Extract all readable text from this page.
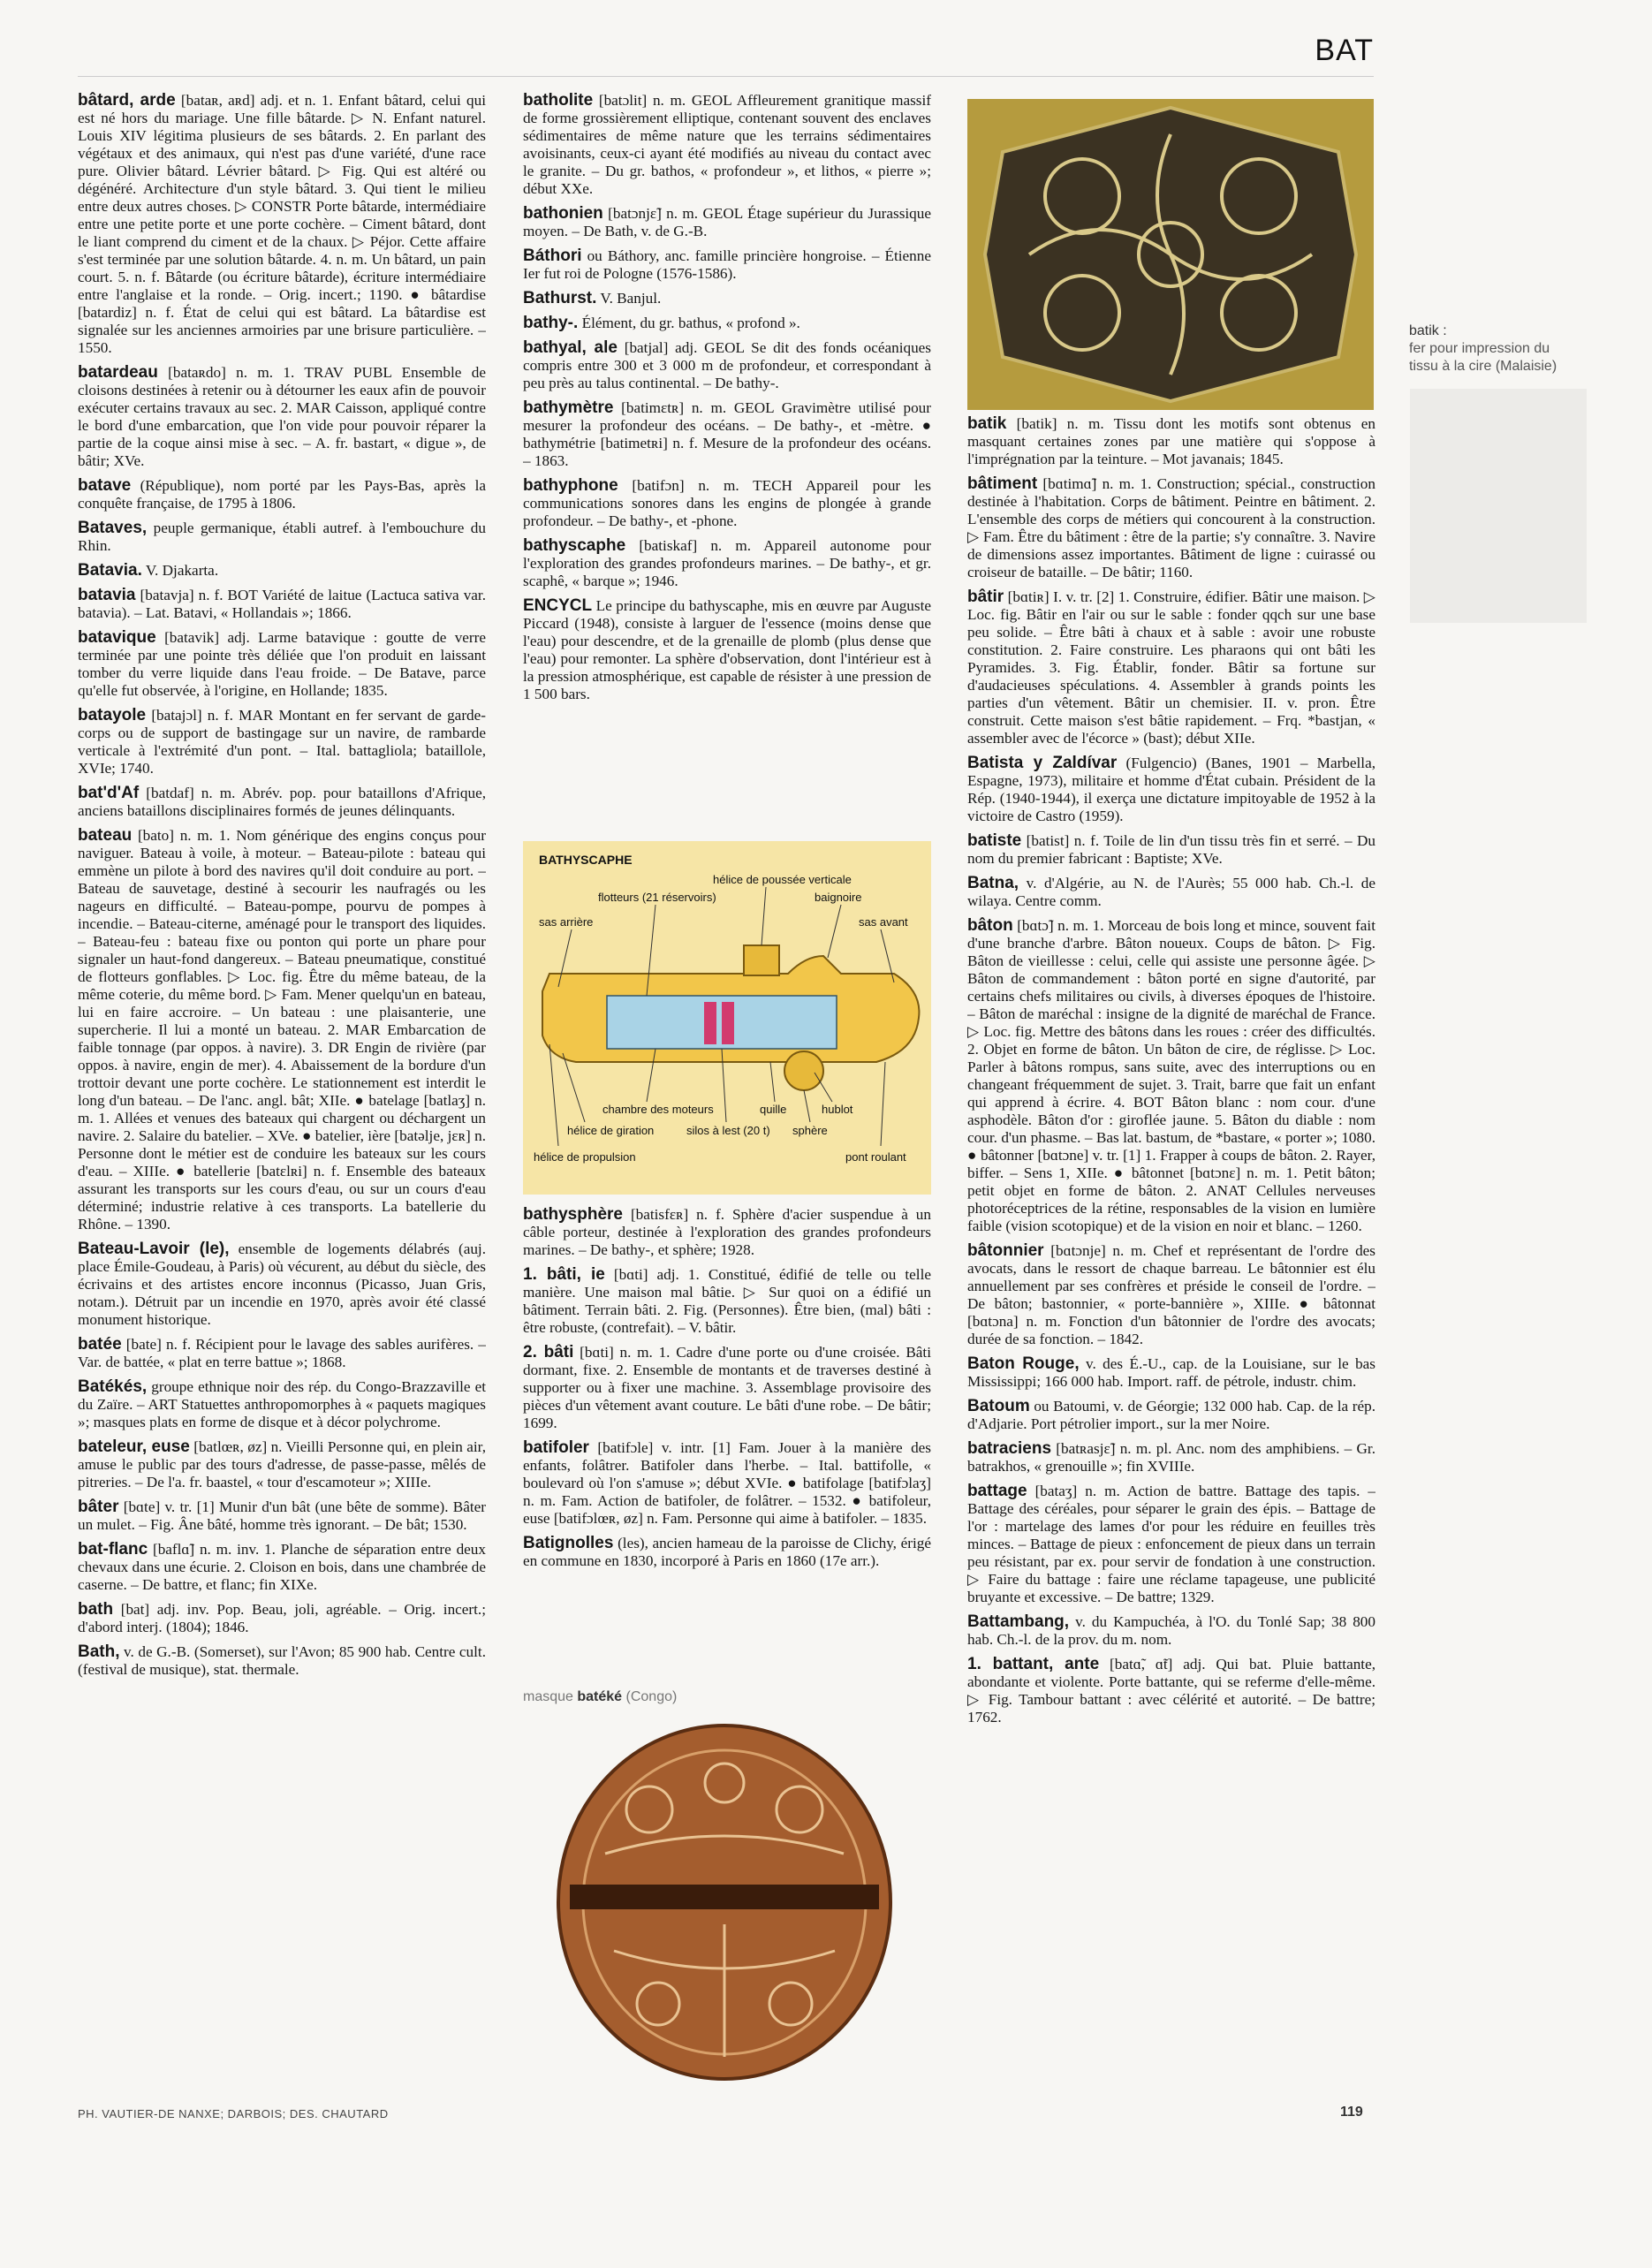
BAT

bâtard, arde [bataʀ, aʀd] adj. et n. 1. Enfant bâtard, celui qui est né hors du mariage. Une fille bâtarde. ▷ N. Enfant naturel. Louis XIV légitima plusieurs de ses bâtards. 2. En parlant des végétaux et des animaux, qui n'est pas d'une variété, d'une race pure. Olivier bâtard. Lévrier bâtard. ▷ Fig. Qui est altéré ou dégénéré. Architecture d'un style bâtard. 3. Qui tient le milieu entre deux autres choses. ▷ CONSTR Porte bâtarde, intermédiaire entre une petite porte et une porte cochère. – Ciment bâtard, dont le liant comprend du ciment et de la chaux. ▷ Péjor. Cette affaire s'est terminée par une solution bâtarde. 4. n. m. Un bâtard, un pain court. 5. n. f. Bâtarde (ou écriture bâtarde), écriture intermédiaire entre l'anglaise et la ronde. – Orig. incert.; 1190. ● bâtardise [batardiz] n. f. État de celui qui est bâtard. La bâtardise est signalée sur les anciennes armoiries par une brisure particulière. – 1550.

batardeau [bataʀdo] n. m. 1. TRAV PUBL Ensemble de cloisons destinées à retenir ou à détourner les eaux afin de pouvoir exécuter certains travaux au sec. 2. MAR Caisson, appliqué contre le bord d'une embarcation, que l'on vide pour pouvoir réparer la partie de la coque ainsi mise à sec. – A. fr. bastart, « digue », de bâtir; XVe.

batave (République), nom porté par les Pays-Bas, après la conquête française, de 1795 à 1806.

Bataves, peuple germanique, établi autref. à l'embouchure du Rhin.

Batavia. V. Djakarta.

batavia [batavja] n. f. BOT Variété de laitue (Lactuca sativa var. batavia). – Lat. Batavi, « Hollandais »; 1866.

batavique [batavik] adj. Larme batavique : goutte de verre terminée par une pointe très déliée que l'on produit en laissant tomber du verre liquide dans l'eau froide. – De Batave, parce qu'elle fut observée, à l'origine, en Hollande; 1835.

batayole [batajɔl] n. f. MAR Montant en fer servant de garde-corps ou de support de bastingage sur un navire, de rambarde verticale à l'extrémité d'un pont. – Ital. battagliola; bataillole, XVIe; 1740.

bat'd'Af [batdaf] n. m. Abrév. pop. pour bataillons d'Afrique, anciens bataillons disciplinaires formés de jeunes délinquants.

bateau [bato] n. m. 1. Nom générique des engins conçus pour naviguer. Bateau à voile, à moteur. – Bateau-pilote : bateau qui emmène un pilote à bord des navires qu'il doit conduire au port. – Bateau de sauvetage, destiné à secourir les naufragés ou les nageurs en difficulté. – Bateau-pompe, pourvu de pompes à incendie. – Bateau-citerne, aménagé pour le transport des liquides. – Bateau-feu : bateau fixe ou ponton qui porte un phare pour signaler un haut-fond dangereux. – Bateau pneumatique, constitué de flotteurs gonflables. ▷ Loc. fig. Être du même bateau, de la même coterie, du même bord. ▷ Fam. Mener quelqu'un en bateau, lui en faire accroire. – Un bateau : une plaisanterie, une supercherie. Il lui a monté un bateau. 2. MAR Embarcation de faible tonnage (par oppos. à navire). 3. DR Engin de rivière (par oppos. à navire, engin de mer). 4. Abaissement de la bordure d'un trottoir devant une porte cochère. Le stationnement est interdit le long d'un bateau. – De l'anc. angl. bât; XIIe. ● batelage [batlaʒ] n. m. 1. Allées et venues des bateaux qui chargent ou déchargent un navire. 2. Salaire du batelier. – XVe. ● batelier, ière [batəlje, jɛʀ] n. Personne dont le métier est de conduire les bateaux sur les cours d'eau. – XIIIe. ● batellerie [batɛlʀi] n. f. Ensemble des bateaux assurant les transports sur les cours d'eau, ou sur un cours d'eau déterminé; industrie relative à ces transports. La batellerie du Rhône. – 1390.

Bateau-Lavoir (le), ensemble de logements délabrés (auj. place Émile-Goudeau, à Paris) où vécurent, au début du siècle, des écrivains et des artistes encore inconnus (Picasso, Juan Gris, notam.). Détruit par un incendie en 1970, après avoir été classé monument historique.

batée [bate] n. f. Récipient pour le lavage des sables aurifères. – Var. de battée, « plat en terre battue »; 1868.

Batékés, groupe ethnique noir des rép. du Congo-Brazzaville et du Zaïre. – ART Statuettes anthropomorphes à « paquets magiques »; masques plats en forme de disque et à décor polychrome.

bateleur, euse [batlœʀ, øz] n. Vieilli Personne qui, en plein air, amuse le public par des tours d'adresse, de passe-passe, mêlés de pitreries. – De l'a. fr. baastel, « tour d'escamoteur »; XIIIe.

bâter [bɑte] v. tr. [1] Munir d'un bât (une bête de somme). Bâter un mulet. – Fig. Âne bâté, homme très ignorant. – De bât; 1530.

bat-flanc [baflɑ̃] n. m. inv. 1. Planche de séparation entre deux chevaux dans une écurie. 2. Cloison en bois, dans une chambrée de caserne. – De battre, et flanc; fin XIXe.

bath [bat] adj. inv. Pop. Beau, joli, agréable. – Orig. incert.; d'abord interj. (1804); 1846.

Bath, v. de G.-B. (Somerset), sur l'Avon; 85 900 hab. Centre cult. (festival de musique), stat. thermale.

batholite [batɔlit] n. m. GEOL Affleurement granitique massif de forme grossièrement elliptique, contenant souvent des enclaves sédimentaires de même nature que les terrains sédimentaires avoisinants, ceux-ci ayant été modifiés au niveau du contact avec le granite. – Du gr. bathos, « profondeur », et lithos, « pierre »; début XXe.

bathonien [batɔnjɛ̃] n. m. GEOL Étage supérieur du Jurassique moyen. – De Bath, v. de G.-B.

Báthori ou Báthory, anc. famille princière hongroise. – Étienne Ier fut roi de Pologne (1576-1586).

Bathurst. V. Banjul.

bathy-. Élément, du gr. bathus, « profond ».

bathyal, ale [batjal] adj. GEOL Se dit des fonds océaniques compris entre 300 et 3 000 m de profondeur, et correspondant à peu près au talus continental. – De bathy-.

bathymètre [batimɛtʀ] n. m. GEOL Gravimètre utilisé pour mesurer la profondeur des océans. – De bathy-, et -mètre. ● bathymétrie [batimetʀi] n. f. Mesure de la profondeur des océans. – 1863.

bathyphone [batifɔn] n. m. TECH Appareil pour les communications sonores dans les engins de plongée à grande profondeur. – De bathy-, et -phone.

bathyscaphe [batiskaf] n. m. Appareil autonome pour l'exploration des grandes profondeurs marines. – De bathy-, et gr. scaphê, « barque »; 1946.

ENCYCL Le principe du bathyscaphe, mis en œuvre par Auguste Piccard (1948), consiste à larguer de l'essence (moins dense que l'eau) pour descendre, et de la grenaille de plomb (plus dense que l'eau) pour remonter. La sphère d'observation, dont l'intérieur est à la pression atmosphérique, est capable de résister à une pression de 1 500 bars.

BATHYSCAPHE
hélice de poussée verticale
flotteurs (21 réservoirs)	baignoire
sas arrière	sas avant
chambre des moteurs	quille	hublot
hélice de giration	silos à lest (20 t) sphère
hélice de propulsion	pont roulant

bathysphère [batisfɛʀ] n. f. Sphère d'acier suspendue à un câble porteur, destinée à l'exploration des grandes profondeurs marines. – De bathy-, et sphère; 1928.

1. bâti, ie [bɑti] adj. 1. Constitué, édifié de telle ou telle manière. Une maison mal bâtie. ▷ Sur quoi on a édifié un bâtiment. Terrain bâti. 2. Fig. (Personnes). Être bien, (mal) bâti : être robuste, (contrefait). – V. bâtir.

2. bâti [bɑti] n. m. 1. Cadre d'une porte ou d'une croisée. Bâti dormant, fixe. 2. Ensemble de montants et de traverses destiné à supporter ou à fixer une machine. 3. Assemblage provisoire des pièces d'un vêtement avant couture. Le bâti d'une robe. – De bâtir; 1699.

batifoler [batifɔle] v. intr. [1] Fam. Jouer à la manière des enfants, folâtrer. Batifoler dans l'herbe. – Ital. battifolle, « boulevard où l'on s'amuse »; début XVIe. ● batifolage [batifɔlaʒ] n. m. Fam. Action de batifoler, de folâtrer. – 1532. ● batifoleur, euse [batifɔlœʀ, øz] n. Fam. Personne qui aime à batifoler. – 1835.

Batignolles (les), ancien hameau de la paroisse de Clichy, érigé en commune en 1830, incorporé à Paris en 1860 (17e arr.).

masque batéké (Congo)

batik [batik] n. m. Tissu dont les motifs sont obtenus en masquant certaines zones par une matière qui s'oppose à l'imprégnation par la teinture. – Mot javanais; 1845.

bâtiment [bɑtimɑ̃] n. m. 1. Construction; spécial., construction destinée à l'habitation. Corps de bâtiment. Peintre en bâtiment. 2. L'ensemble des corps de métiers qui concourent à la construction. ▷ Fam. Être du bâtiment : être de la partie; s'y connaître. 3. Navire de dimensions assez importantes. Bâtiment de ligne : cuirassé ou croiseur de bataille. – De bâtir; 1160.

bâtir [bɑtiʀ] I. v. tr. [2] 1. Construire, édifier. Bâtir une maison. ▷ Loc. fig. Bâtir en l'air ou sur le sable : fonder qqch sur une base peu solide. – Être bâti à chaux et à sable : avoir une robuste constitution. 2. Faire construire. Les pharaons qui ont bâti les Pyramides. 3. Fig. Établir, fonder. Bâtir sa fortune sur d'audacieuses spéculations. 4. Assembler à grands points les parties d'un vêtement. Bâtir un chemisier. II. v. pron. Être construit. Cette maison s'est bâtie rapidement. – Frq. *bastjan, « assembler avec de l'écorce » (bast); début XIIe.

Batista y Zaldívar (Fulgencio) (Banes, 1901 – Marbella, Espagne, 1973), militaire et homme d'État cubain. Président de la Rép. (1940-1944), il exerça une dictature impitoyable de 1952 à la victoire de Castro (1959).

batiste [batist] n. f. Toile de lin d'un tissu très fin et serré. – Du nom du premier fabricant : Baptiste; XVe.

Batna, v. d'Algérie, au N. de l'Aurès; 55 000 hab. Ch.-l. de wilaya. Centre comm.

bâton [bɑtɔ̃] n. m. 1. Morceau de bois long et mince, souvent fait d'une branche d'arbre. Bâton noueux. Coups de bâton. ▷ Fig. Bâton de vieillesse : celui, celle qui assiste une personne âgée. ▷ Bâton de commandement : bâton porté en signe d'autorité, par certains chefs militaires ou civils, à diverses époques de l'histoire. – Bâton de maréchal : insigne de la dignité de maréchal de France. ▷ Loc. fig. Mettre des bâtons dans les roues : créer des difficultés. 2. Objet en forme de bâton. Un bâton de cire, de réglisse. ▷ Loc. Parler à bâtons rompus, sans suite, avec des interruptions ou en changeant fréquemment de sujet. 3. Trait, barre que fait un enfant qui apprend à écrire. 4. BOT Bâton blanc : nom cour. d'une asphodèle. Bâton d'or : giroflée jaune. 5. Bâton du diable : nom cour. d'un phasme. – Bas lat. bastum, de *bastare, « porter »; 1080. ● bâtonner [bɑtɔne] v. tr. [1] 1. Frapper à coups de bâton. 2. Rayer, biffer. – Sens 1, XIIe. ● bâtonnet [bɑtɔnɛ] n. m. 1. Petit bâton; petit objet en forme de bâton. 2. ANAT Cellules nerveuses photoréceptrices de la rétine, responsables de la vision en lumière faible (vision scotopique) et de la vision en noir et blanc. – 1260.

bâtonnier [bɑtɔnje] n. m. Chef et représentant de l'ordre des avocats, dans le ressort de chaque barreau. Le bâtonnier est élu annuellement par ses confrères et préside le conseil de l'ordre. – De bâton; bastonnier, « porte-bannière », XIIIe. ● bâtonnat [bɑtɔna] n. m. Fonction d'un bâtonnier de l'ordre des avocats; durée de sa fonction. – 1842.

Baton Rouge, v. des É.-U., cap. de la Louisiane, sur le bas Mississippi; 166 000 hab. Import. raff. de pétrole, industr. chim.

Batoum ou Batoumi, v. de Géorgie; 132 000 hab. Cap. de la rép. d'Adjarie. Port pétrolier import., sur la mer Noire.

batraciens [batʀasjɛ̃] n. m. pl. Anc. nom des amphibiens. – Gr. batrakhos, « grenouille »; fin XVIIIe.

battage [bataʒ] n. m. Action de battre. Battage des tapis. – Battage des céréales, pour séparer le grain des épis. – Battage de l'or : martelage des lames d'or pour les réduire en feuilles très minces. – Battage de pieux : enfoncement de pieux dans un terrain peu résistant, par ex. pour servir de fondation à une construction. ▷ Faire du battage : faire une réclame tapageuse, une publicité bruyante et excessive. – De battre; 1329.

Battambang, v. du Kampuchéa, à l'O. du Tonlé Sap; 38 800 hab. Ch.-l. de la prov. du m. nom.

1. battant, ante [batɑ̃, ɑ̃t] adj. Qui bat. Pluie battante, abondante et violente. Porte battante, qui se referme d'elle-même. ▷ Fig. Tambour battant : avec célérité et autorité. – De battre; 1762.

batik :
fer pour impression du tissu à la cire (Malaisie)
PH. VAUTIER-DE NANXE; DARBOIS; DES. CHAUTARD	119
